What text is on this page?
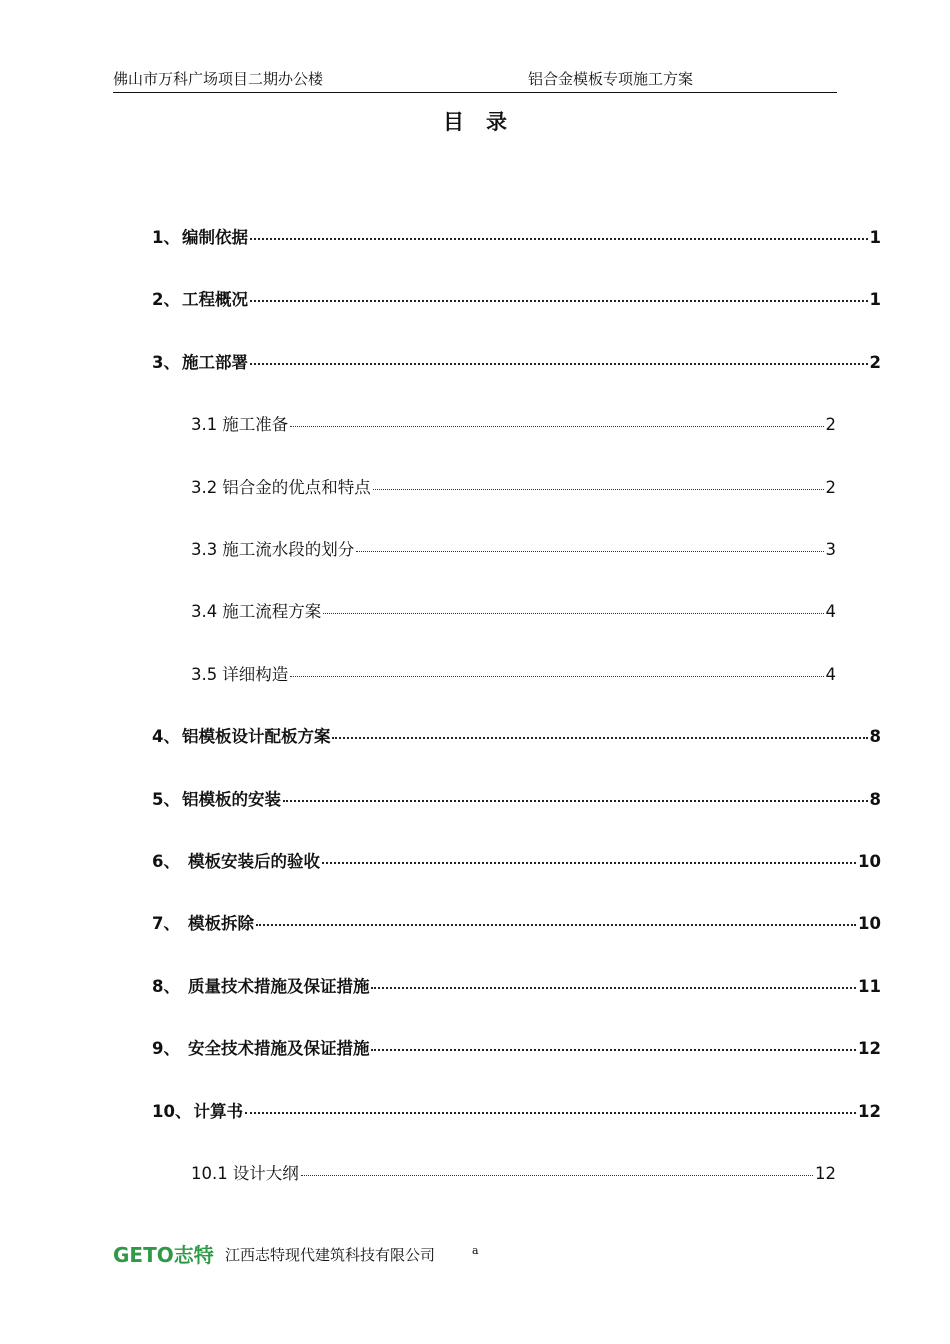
佛山市万科广场项目二期办公楼	铝合金模板专项施工方案
目录
1、 编制依据	1
2、 工程概况	1
3、 施工部署	2
3.1 施工准备	2
3.2 铝合金的优点和特点	2
3.3 施工流水段的划分	3
3.4 施工流程方案	4
3.5 详细构造	4
4、 铝模板设计配板方案	8
5、 铝模板的安装	8
6、 模板安装后的验收	10
7、 模板拆除	10
8、 质量技术措施及保证措施	11
9、 安全技术措施及保证措施	12
10、 计算书	12
10.1 设计大纲	12
GETO志特 江西志特现代建筑科技有限公司	a
